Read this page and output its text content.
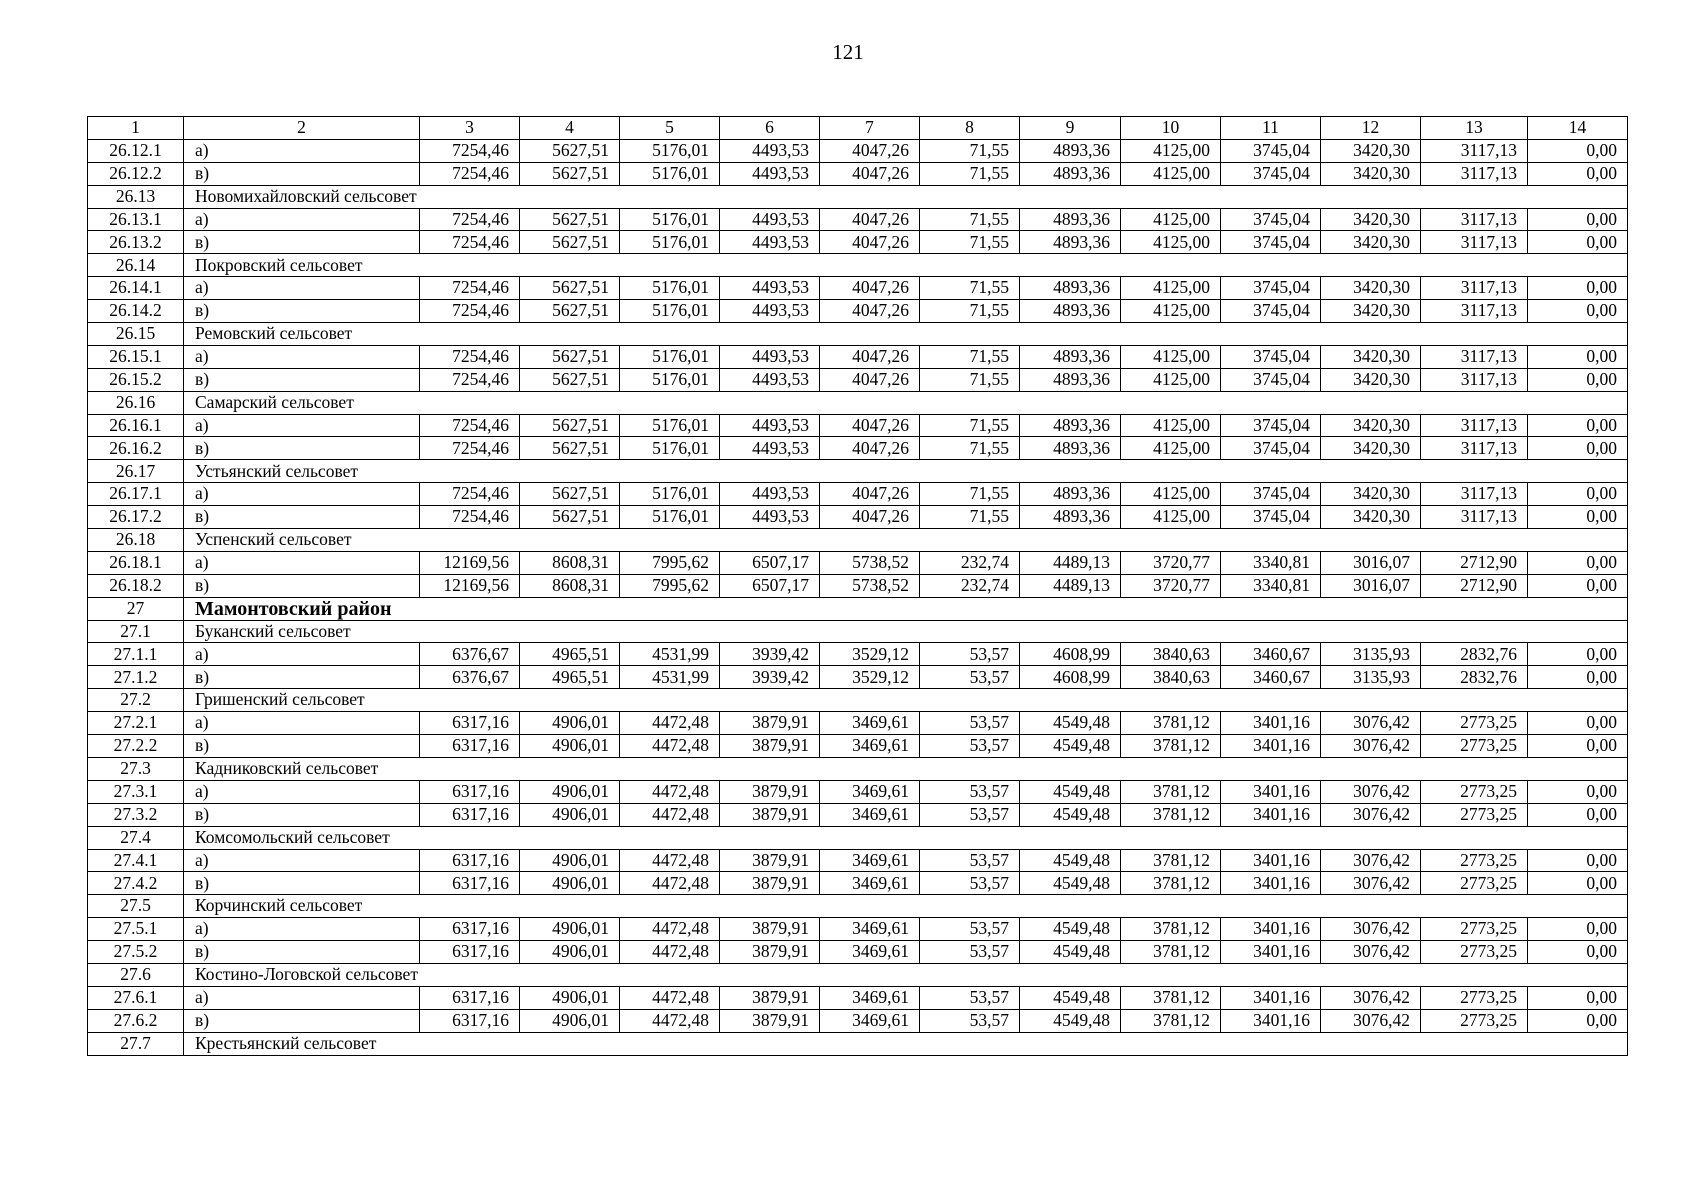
121
1	2	3	4	5	6	7	8	9	10	11	12	13	14
26.12.1	а)	7254,46	5627,51	5176,01	4493,53	4047,26	71,55	4893,36	4125,00	3745,04	3420,30	3117,13	0,00
26.12.2	в)	7254,46	5627,51	5176,01	4493,53	4047,26	71,55	4893,36	4125,00	3745,04	3420,30	3117,13	0,00
26.13	Новомихайловский сельсовет												
26.13.1	а)	7254,46	5627,51	5176,01	4493,53	4047,26	71,55	4893,36	4125,00	3745,04	3420,30	3117,13	0,00
26.13.2	в)	7254,46	5627,51	5176,01	4493,53	4047,26	71,55	4893,36	4125,00	3745,04	3420,30	3117,13	0,00
26.14	Покровский сельсовет												
26.14.1	а)	7254,46	5627,51	5176,01	4493,53	4047,26	71,55	4893,36	4125,00	3745,04	3420,30	3117,13	0,00
26.14.2	в)	7254,46	5627,51	5176,01	4493,53	4047,26	71,55	4893,36	4125,00	3745,04	3420,30	3117,13	0,00
26.15	Ремовский сельсовет												
26.15.1	а)	7254,46	5627,51	5176,01	4493,53	4047,26	71,55	4893,36	4125,00	3745,04	3420,30	3117,13	0,00
26.15.2	в)	7254,46	5627,51	5176,01	4493,53	4047,26	71,55	4893,36	4125,00	3745,04	3420,30	3117,13	0,00
26.16	Самарский сельсовет												
26.16.1	а)	7254,46	5627,51	5176,01	4493,53	4047,26	71,55	4893,36	4125,00	3745,04	3420,30	3117,13	0,00
26.16.2	в)	7254,46	5627,51	5176,01	4493,53	4047,26	71,55	4893,36	4125,00	3745,04	3420,30	3117,13	0,00
26.17	Устьянский сельсовет												
26.17.1	а)	7254,46	5627,51	5176,01	4493,53	4047,26	71,55	4893,36	4125,00	3745,04	3420,30	3117,13	0,00
26.17.2	в)	7254,46	5627,51	5176,01	4493,53	4047,26	71,55	4893,36	4125,00	3745,04	3420,30	3117,13	0,00
26.18	Успенский сельсовет												
26.18.1	а)	12169,56	8608,31	7995,62	6507,17	5738,52	232,74	4489,13	3720,77	3340,81	3016,07	2712,90	0,00
26.18.2	в)	12169,56	8608,31	7995,62	6507,17	5738,52	232,74	4489,13	3720,77	3340,81	3016,07	2712,90	0,00
27	Мамонтовский район												
27.1	Буканский сельсовет												
27.1.1	а)	6376,67	4965,51	4531,99	3939,42	3529,12	53,57	4608,99	3840,63	3460,67	3135,93	2832,76	0,00
27.1.2	в)	6376,67	4965,51	4531,99	3939,42	3529,12	53,57	4608,99	3840,63	3460,67	3135,93	2832,76	0,00
27.2	Гришенский сельсовет												
27.2.1	а)	6317,16	4906,01	4472,48	3879,91	3469,61	53,57	4549,48	3781,12	3401,16	3076,42	2773,25	0,00
27.2.2	в)	6317,16	4906,01	4472,48	3879,91	3469,61	53,57	4549,48	3781,12	3401,16	3076,42	2773,25	0,00
27.3	Кадниковский сельсовет												
27.3.1	а)	6317,16	4906,01	4472,48	3879,91	3469,61	53,57	4549,48	3781,12	3401,16	3076,42	2773,25	0,00
27.3.2	в)	6317,16	4906,01	4472,48	3879,91	3469,61	53,57	4549,48	3781,12	3401,16	3076,42	2773,25	0,00
27.4	Комсомольский сельсовет												
27.4.1	а)	6317,16	4906,01	4472,48	3879,91	3469,61	53,57	4549,48	3781,12	3401,16	3076,42	2773,25	0,00
27.4.2	в)	6317,16	4906,01	4472,48	3879,91	3469,61	53,57	4549,48	3781,12	3401,16	3076,42	2773,25	0,00
27.5	Корчинский сельсовет												
27.5.1	а)	6317,16	4906,01	4472,48	3879,91	3469,61	53,57	4549,48	3781,12	3401,16	3076,42	2773,25	0,00
27.5.2	в)	6317,16	4906,01	4472,48	3879,91	3469,61	53,57	4549,48	3781,12	3401,16	3076,42	2773,25	0,00
27.6	Костино-Логовской сельсовет												
27.6.1	а)	6317,16	4906,01	4472,48	3879,91	3469,61	53,57	4549,48	3781,12	3401,16	3076,42	2773,25	0,00
27.6.2	в)	6317,16	4906,01	4472,48	3879,91	3469,61	53,57	4549,48	3781,12	3401,16	3076,42	2773,25	0,00
27.7	Крестьянский сельсовет												
